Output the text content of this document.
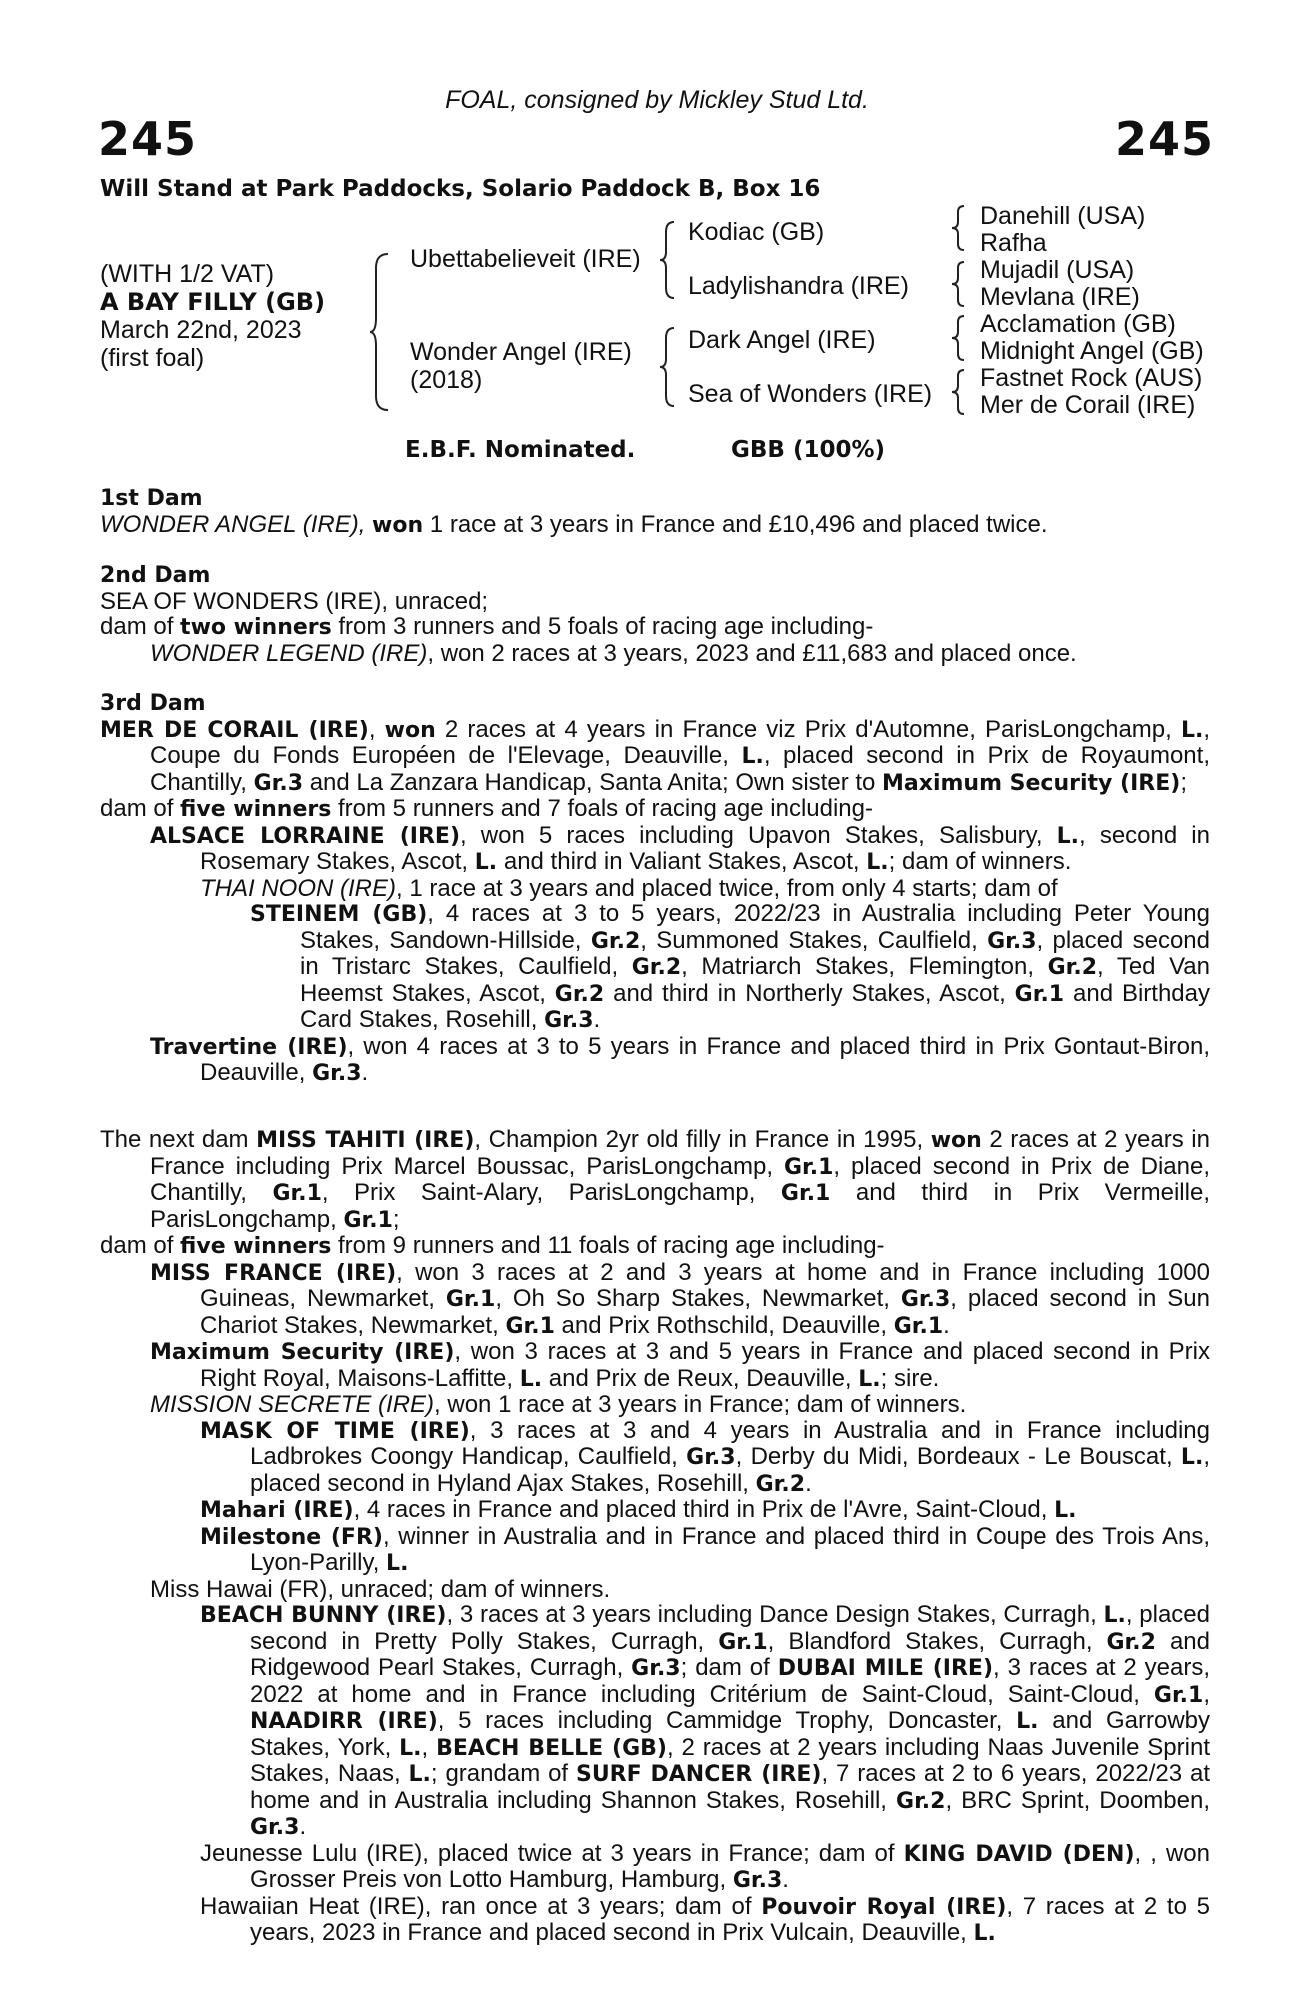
FOAL, consigned by Mickley Stud Ltd.
245	245
Will Stand at Park Paddocks, Solario Paddock B, Box 16
(WITH 1/2 VAT)
A BAY FILLY (GB)
March 22nd, 2023
(first foal)
Ubettabelieveit (IRE)
Wonder Angel (IRE)
(2018)
Kodiac (GB)
Ladylishandra (IRE)
Dark Angel (IRE)
Sea of Wonders (IRE)
Danehill (USA)
Rafha
Mujadil (USA)
Mevlana (IRE)
Acclamation (GB)
Midnight Angel (GB)
Fastnet Rock (AUS)
Mer de Corail (IRE)
E.B.F. Nominated.	GBB (100%)

1st Dam

WONDER ANGEL (IRE), won 1 race at 3 years in France and £10,496 and placed twice.

2nd Dam

SEA OF WONDERS (IRE), unraced;

dam of two winners from 3 runners and 5 foals of racing age including-

WONDER LEGEND (IRE), won 2 races at 3 years, 2023 and £11,683 and placed once.

3rd Dam

MER DE CORAIL (IRE), won 2 races at 4 years in France viz Prix d'Automne, ParisLongchamp, L., Coupe du Fonds Européen de l'Elevage, Deauville, L., placed second in Prix de Royaumont, Chantilly, Gr.3 and La Zanzara Handicap, Santa Anita; Own sister to Maximum Security (IRE);

dam of five winners from 5 runners and 7 foals of racing age including-

ALSACE LORRAINE (IRE), won 5 races including Upavon Stakes, Salisbury, L., second in Rosemary Stakes, Ascot, L. and third in Valiant Stakes, Ascot, L.; dam of winners.

THAI NOON (IRE), 1 race at 3 years and placed twice, from only 4 starts; dam of

STEINEM (GB), 4 races at 3 to 5 years, 2022/23 in Australia including Peter Young Stakes, Sandown-Hillside, Gr.2, Summoned Stakes, Caulfield, Gr.3, placed second in Tristarc Stakes, Caulfield, Gr.2, Matriarch Stakes, Flemington, Gr.2, Ted Van Heemst Stakes, Ascot, Gr.2 and third in Northerly Stakes, Ascot, Gr.1 and Birthday Card Stakes, Rosehill, Gr.3.

Travertine (IRE), won 4 races at 3 to 5 years in France and placed third in Prix Gontaut-Biron, Deauville, Gr.3.

The next dam MISS TAHITI (IRE), Champion 2yr old filly in France in 1995, won 2 races at 2 years in France including Prix Marcel Boussac, ParisLongchamp, Gr.1, placed second in Prix de Diane, Chantilly, Gr.1, Prix Saint-Alary, ParisLongchamp, Gr.1 and third in Prix Vermeille, ParisLongchamp, Gr.1;

dam of five winners from 9 runners and 11 foals of racing age including-

MISS FRANCE (IRE), won 3 races at 2 and 3 years at home and in France including 1000 Guineas, Newmarket, Gr.1, Oh So Sharp Stakes, Newmarket, Gr.3, placed second in Sun Chariot Stakes, Newmarket, Gr.1 and Prix Rothschild, Deauville, Gr.1.

Maximum Security (IRE), won 3 races at 3 and 5 years in France and placed second in Prix Right Royal, Maisons-Laffitte, L. and Prix de Reux, Deauville, L.; sire.

MISSION SECRETE (IRE), won 1 race at 3 years in France; dam of winners.

MASK OF TIME (IRE), 3 races at 3 and 4 years in Australia and in France including Ladbrokes Coongy Handicap, Caulfield, Gr.3, Derby du Midi, Bordeaux - Le Bouscat, L., placed second in Hyland Ajax Stakes, Rosehill, Gr.2.

Mahari (IRE), 4 races in France and placed third in Prix de l'Avre, Saint-Cloud, L.

Milestone (FR), winner in Australia and in France and placed third in Coupe des Trois Ans, Lyon-Parilly, L.

Miss Hawai (FR), unraced; dam of winners.

BEACH BUNNY (IRE), 3 races at 3 years including Dance Design Stakes, Curragh, L., placed second in Pretty Polly Stakes, Curragh, Gr.1, Blandford Stakes, Curragh, Gr.2 and Ridgewood Pearl Stakes, Curragh, Gr.3; dam of DUBAI MILE (IRE), 3 races at 2 years, 2022 at home and in France including Critérium de Saint-Cloud, Saint-Cloud, Gr.1, NAADIRR (IRE), 5 races including Cammidge Trophy, Doncaster, L. and Garrowby Stakes, York, L., BEACH BELLE (GB), 2 races at 2 years including Naas Juvenile Sprint Stakes, Naas, L.; grandam of SURF DANCER (IRE), 7 races at 2 to 6 years, 2022/23 at home and in Australia including Shannon Stakes, Rosehill, Gr.2, BRC Sprint, Doomben, Gr.3.

Jeunesse Lulu (IRE), placed twice at 3 years in France; dam of KING DAVID (DEN), , won Grosser Preis von Lotto Hamburg, Hamburg, Gr.3.

Hawaiian Heat (IRE), ran once at 3 years; dam of Pouvoir Royal (IRE), 7 races at 2 to 5 years, 2023 in France and placed second in Prix Vulcain, Deauville, L.
